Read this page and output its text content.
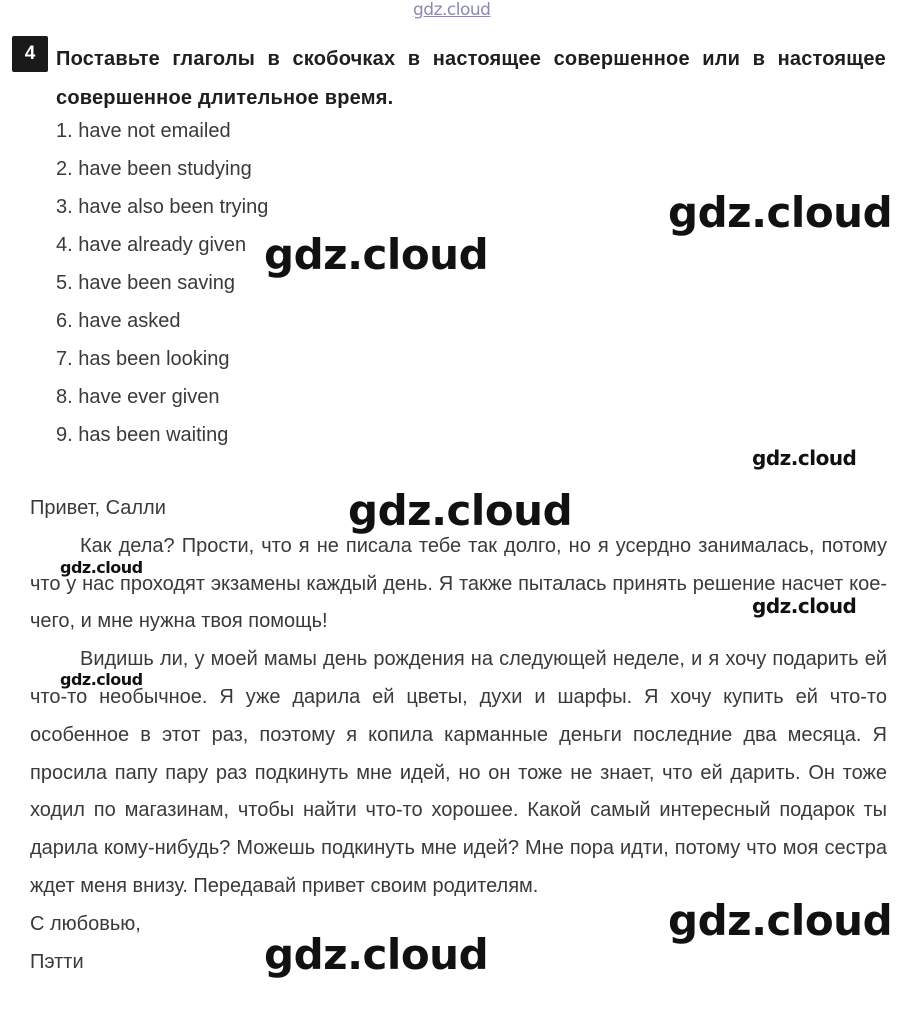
gdz.cloud
4	Поставьте глаголы в скобочках в настоящее совершенное или в настоящее совершенное длительное время.

1. have not emailed
2. have been studying
3. have also been trying
4. have already given
5. have been saving
6. have asked
7. has been looking
8. have ever given
9. has been waiting

Привет, Салли

Как дела? Прости, что я не писала тебе так долго, но я усердно занималась, потому что у нас проходят экзамены каждый день. Я также пыталась принять решение насчет кое-чего, и мне нужна твоя помощь!

Видишь ли, у моей мамы день рождения на следующей неделе, и я хочу подарить ей что-то необычное. Я уже дарила ей цветы, духи и шарфы. Я хочу купить ей что-то особенное в этот раз, поэтому я копила карманные деньги последние два месяца. Я просила папу пару раз подкинуть мне идей, но он тоже не знает, что ей дарить. Он тоже ходил по магазинам, чтобы найти что-то хорошее. Какой самый интересный подарок ты дарила кому-нибудь? Можешь подкинуть мне идей? Мне пора идти, потому что моя сестра ждет меня внизу. Передавай привет своим родителям.

С любовью,

Пэтти

gdz.cloud
gdz.cloud
gdz.cloud
gdz.cloud
gdz.cloud
gdz.cloud
gdz.cloud
gdz.cloud
gdz.cloud
